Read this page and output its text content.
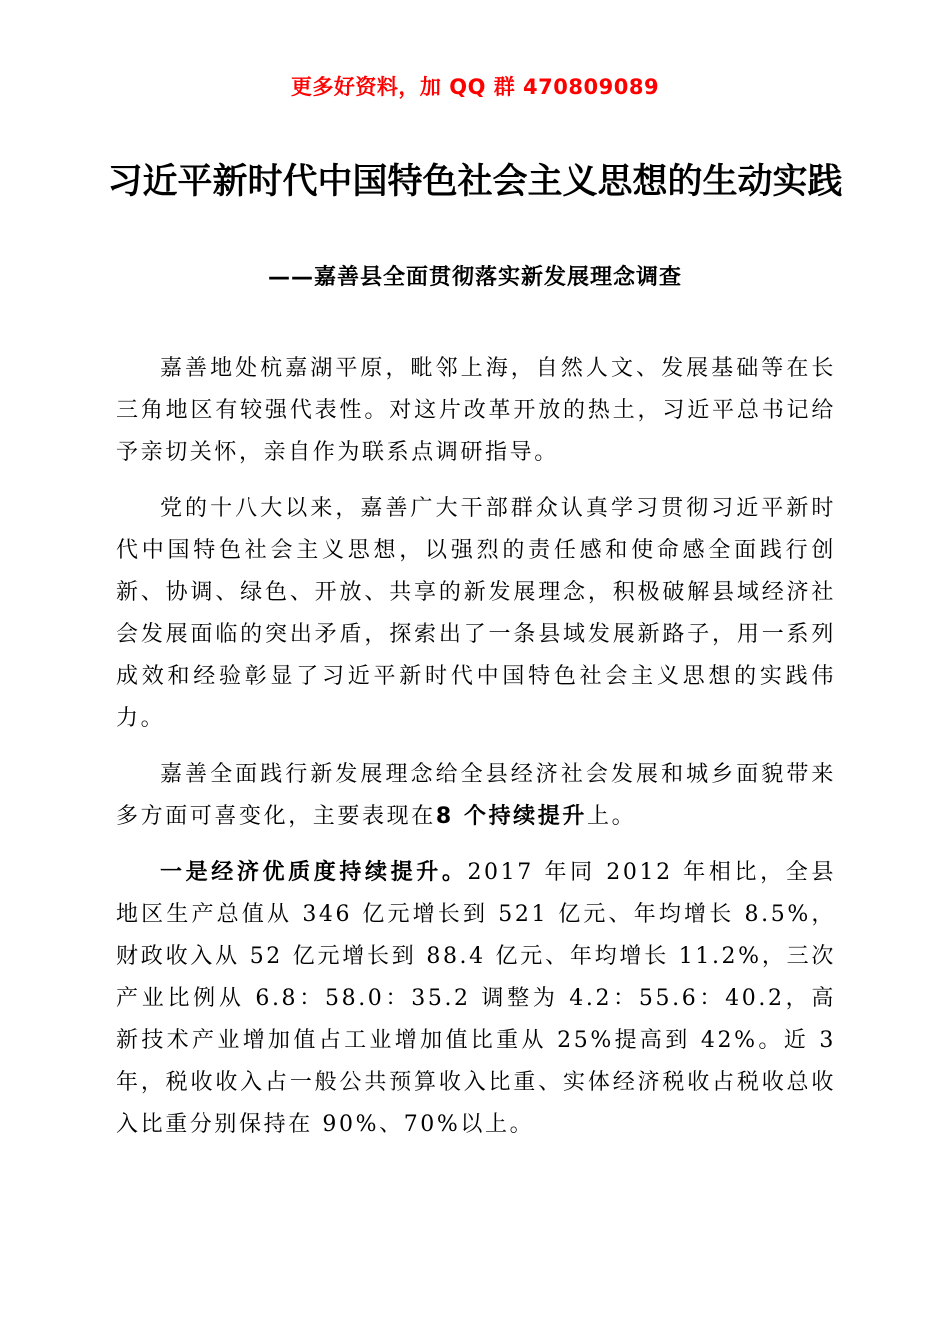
更多好资料，加 QQ 群 470809089
习近平新时代中国特色社会主义思想的生动实践
——嘉善县全面贯彻落实新发展理念调查

嘉善地处杭嘉湖平原，毗邻上海，自然人文、发展基础等在长三角地区有较强代表性。对这片改革开放的热土，习近平总书记给予亲切关怀，亲自作为联系点调研指导。

党的十八大以来，嘉善广大干部群众认真学习贯彻习近平新时代中国特色社会主义思想，以强烈的责任感和使命感全面践行创新、协调、绿色、开放、共享的新发展理念，积极破解县域经济社会发展面临的突出矛盾，探索出了一条县域发展新路子，用一系列成效和经验彰显了习近平新时代中国特色社会主义思想的实践伟力。

嘉善全面践行新发展理念给全县经济社会发展和城乡面貌带来多方面可喜变化，主要表现在8 个持续提升上。

一是经济优质度持续提升。2017 年同 2012 年相比，全县地区生产总值从 346 亿元增长到 521 亿元、年均增长 8.5%，财政收入从 52 亿元增长到 88.4 亿元、年均增长 11.2%，三次产业比例从 6.8：58.0：35.2 调整为 4.2：55.6：40.2，高新技术产业增加值占工业增加值比重从 25%提高到 42%。近 3 年，税收收入占一般公共预算收入比重、实体经济税收占税收总收入比重分别保持在 90%、70%以上。
